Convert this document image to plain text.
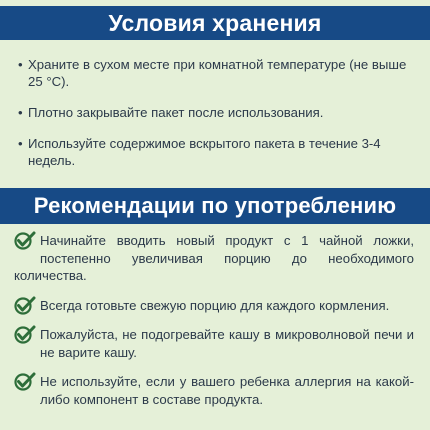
Условия хранения
• Храните в сухом месте при комнатной температуре (не выше 25 °С).
• Плотно закрывайте пакет после использования.
• Используйте содержимое вскрытого пакета в течение 3-4 недель.
Рекомендации по употреблению
Начинайте вводить новый продукт с 1 чайной ложки, постепенно увеличивая порцию до необходимого количества.
Всегда готовьте свежую порцию для каждого кормления.
Пожалуйста, не подогревайте кашу в микроволновой печи и не варите кашу.
Не используйте, если у вашего ребенка аллергия на какой-либо компонент в составе продукта.
